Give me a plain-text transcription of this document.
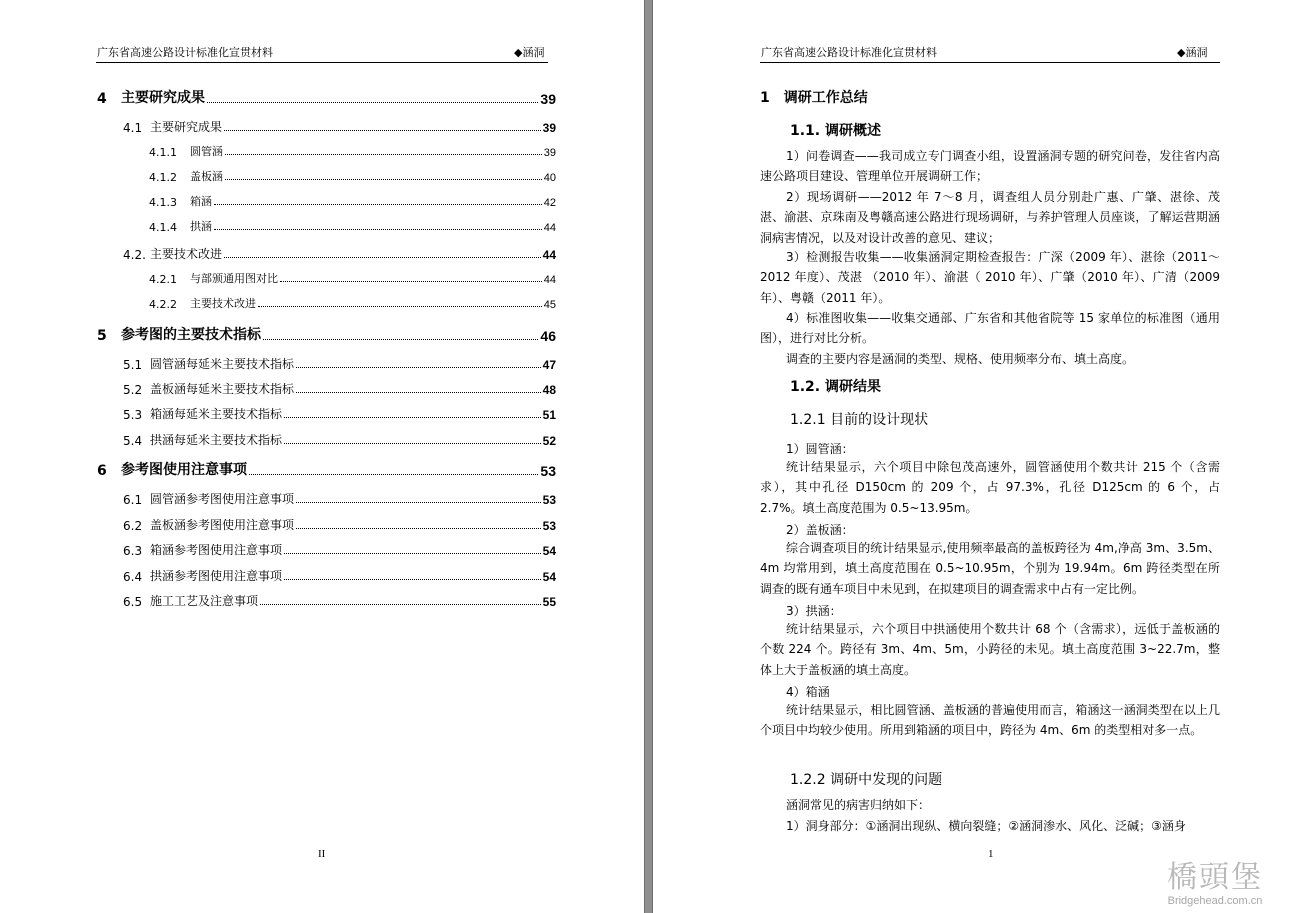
广东省高速公路设计标准化宣贯材料	◆涵洞
4	主要研究成果	39
4.1 主要研究成果	39
4.1.1	圆管涵	39
4.1.2	盖板涵	40
4.1.3	箱涵	42
4.1.4	拱涵	44
4.2. 主要技术改进	44
4.2.1	与部颁通用图对比	44
4.2.2	主要技术改进	45
5	参考图的主要技术指标	46
5.1 圆管涵每延米主要技术指标	47
5.2 盖板涵每延米主要技术指标	48
5.3 箱涵每延米主要技术指标	51
5.4 拱涵每延米主要技术指标	52
6	参考图使用注意事项	53
6.1 圆管涵参考图使用注意事项	53
6.2 盖板涵参考图使用注意事项	53
6.3 箱涵参考图使用注意事项	54
6.4 拱涵参考图使用注意事项	54
6.5 施工工艺及注意事项	55
II
广东省高速公路设计标准化宣贯材料	◆涵洞
1　调研工作总结
1.1. 调研概述

1）问卷调查——我司成立专门调查小组，设置涵洞专题的研究问卷，发往省内高速公路项目建设、管理单位开展调研工作；

2）现场调研——2012 年 7～8 月，调查组人员分别赴广惠、广肇、湛徐、茂湛、渝湛、京珠南及粤赣高速公路进行现场调研，与养护管理人员座谈，了解运营期涵洞病害情况，以及对设计改善的意见、建议；

3）检测报告收集——收集涵洞定期检查报告：广深（2009 年）、湛徐（2011～2012 年度）、茂湛 （2010 年）、渝湛（ 2010 年）、广肇（2010 年）、广清（2009 年）、粤赣（2011 年）。

4）标准图收集——收集交通部、广东省和其他省院等 15 家单位的标准图（通用图），进行对比分析。

调查的主要内容是涵洞的类型、规格、使用频率分布、填土高度。

1.2. 调研结果
1.2.1 目前的设计现状
1）圆管涵：

统计结果显示，六个项目中除包茂高速外，圆管涵使用个数共计 215 个（含需求），其中孔径 D150cm 的 209 个，占 97.3%，孔径 D125cm 的 6 个，占 2.7%。填土高度范围为 0.5~13.95m。

2）盖板涵：

综合调查项目的统计结果显示,使用频率最高的盖板跨径为 4m,净高 3m、3.5m、4m 均常用到，填土高度范围在 0.5~10.95m，个别为 19.94m。6m 跨径类型在所调查的既有通车项目中未见到，在拟建项目的调查需求中占有一定比例。

3）拱涵：

统计结果显示，六个项目中拱涵使用个数共计 68 个（含需求），远低于盖板涵的个数 224 个。跨径有 3m、4m、5m，小跨径的未见。填土高度范围 3~22.7m，整体上大于盖板涵的填土高度。

4）箱涵

统计结果显示，相比圆管涵、盖板涵的普遍使用而言，箱涵这一涵洞类型在以上几个项目中均较少使用。所用到箱涵的项目中，跨径为 4m、6m 的类型相对多一点。

1.2.2 调研中发现的问题

涵洞常见的病害归纳如下：

1）洞身部分：①涵洞出现纵、横向裂缝；②涵洞渗水、风化、泛碱；③涵身

1
橋頭堡
Bridgehead.com.cn
